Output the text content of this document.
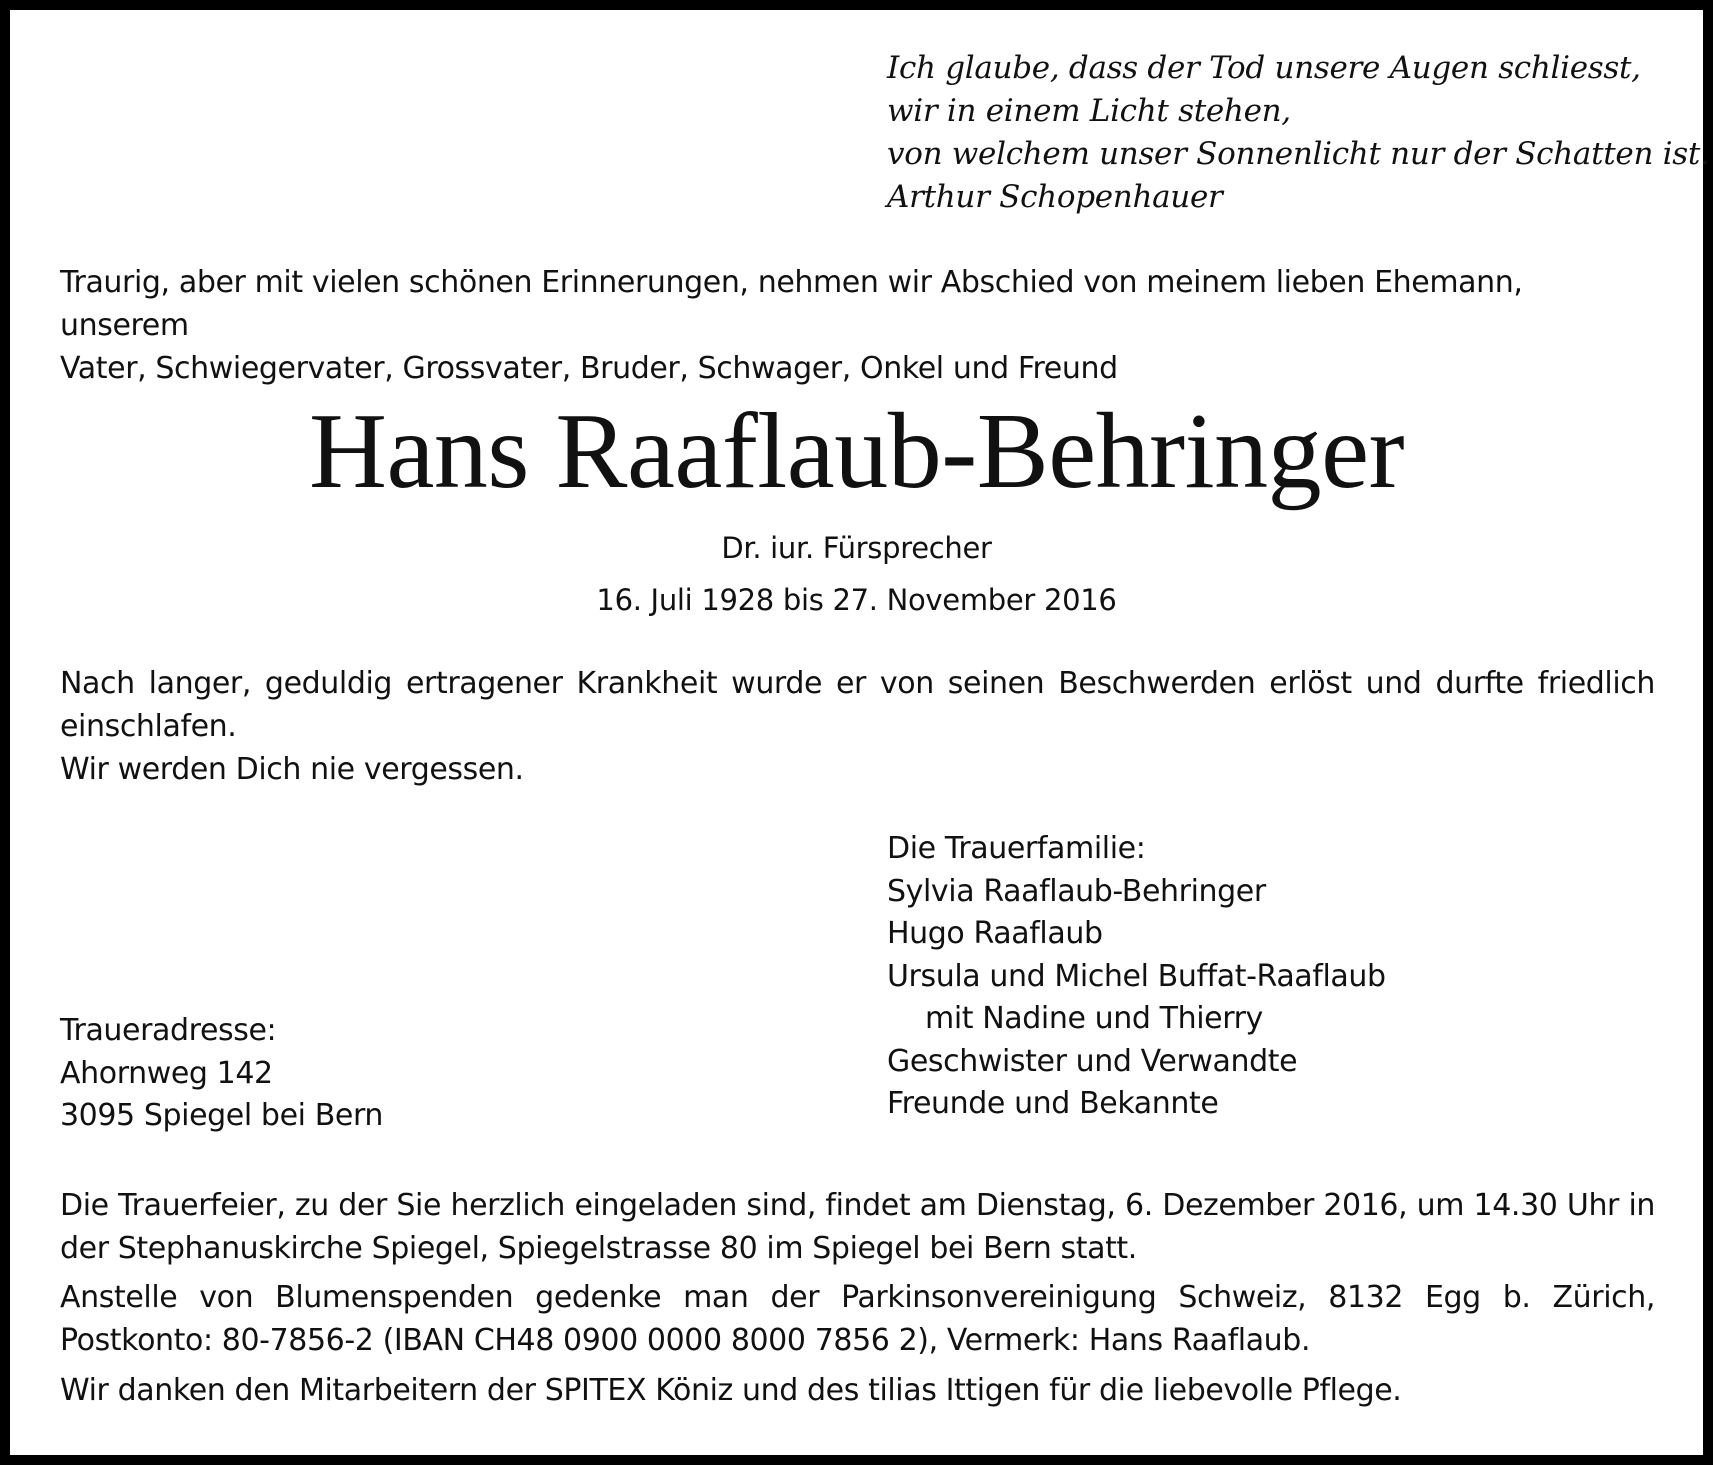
Ich glaube, dass der Tod unsere Augen schliesst,
wir in einem Licht stehen,
von welchem unser Sonnenlicht nur der Schatten ist.
Arthur Schopenhauer
Traurig, aber mit vielen schönen Erinnerungen, nehmen wir Abschied von meinem lieben Ehemann, unserem
Vater, Schwiegervater, Grossvater, Bruder, Schwager, Onkel und Freund
Hans Raaflaub-Behringer
Dr. iur. Fürsprecher
16. Juli 1928 bis 27. November 2016
Nach langer, geduldig ertragener Krankheit wurde er von seinen Beschwerden erlöst und durfte friedlich einschlafen.
Wir werden Dich nie vergessen.
Die Trauerfamilie:
Sylvia Raaflaub-Behringer
Hugo Raaflaub
Ursula und Michel Buffat-Raaflaub
mit Nadine und Thierry
Geschwister und Verwandte
Freunde und Bekannte
Traueradresse:
Ahornweg 142
3095 Spiegel bei Bern
Die Trauerfeier, zu der Sie herzlich eingeladen sind, findet am Dienstag, 6. Dezember 2016, um 14.30 Uhr in der Stephanuskirche Spiegel, Spiegelstrasse 80 im Spiegel bei Bern statt.
Anstelle von Blumenspenden gedenke man der Parkinsonvereinigung Schweiz, 8132 Egg b. Zürich, Postkonto: 80-7856-2 (IBAN CH48 0900 0000 8000 7856 2), Vermerk: Hans Raaflaub.
Wir danken den Mitarbeitern der SPITEX Köniz und des tilias Ittigen für die liebevolle Pflege.
